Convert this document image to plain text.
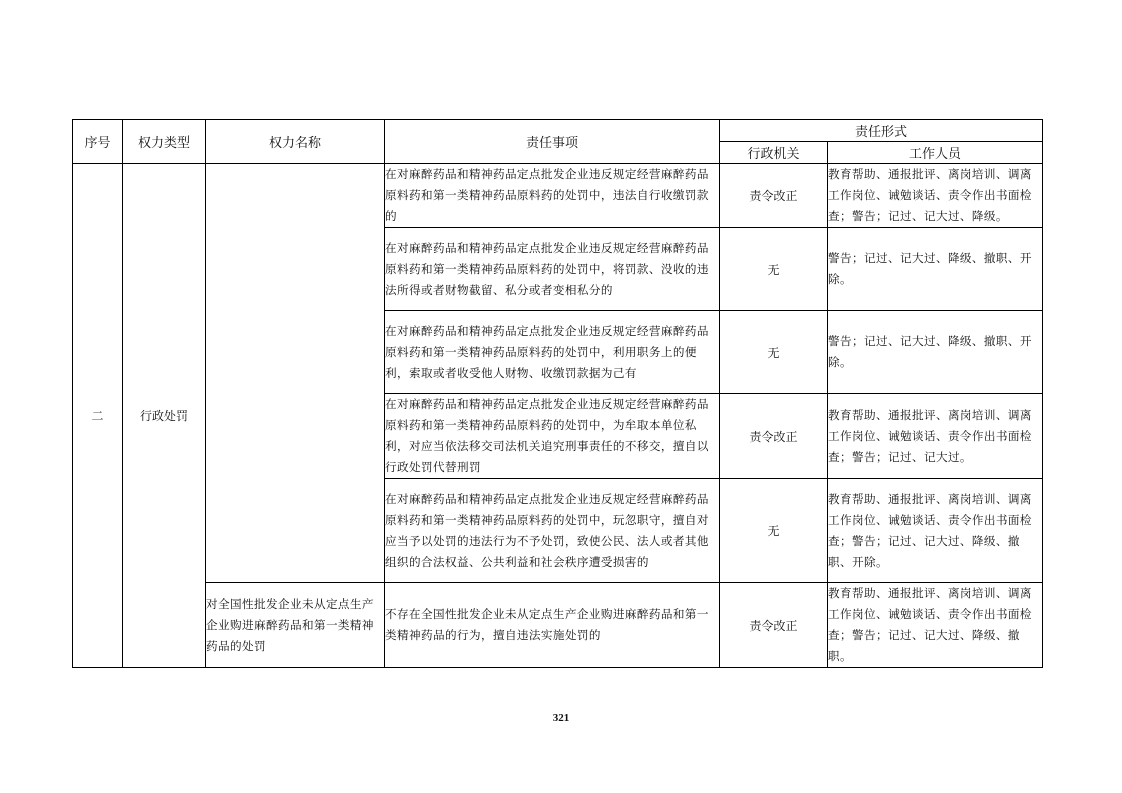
序号	权力类型	权力名称	责任事项	责任形式	
				行政机关	工作人员
二	行政处罚		在对麻醉药品和精神药品定点批发企业违反规定经营麻醉药品原料药和第一类精神药品原料药的处罚中，违法自行收缴罚款的	责令改正	教育帮助、通报批评、离岗培训、调离工作岗位、诫勉谈话、责令作出书面检查；警告；记过、记大过、降级。
			在对麻醉药品和精神药品定点批发企业违反规定经营麻醉药品原料药和第一类精神药品原料药的处罚中，将罚款、没收的违法所得或者财物截留、私分或者变相私分的	无	警告；记过、记大过、降级、撤职、开除。
			在对麻醉药品和精神药品定点批发企业违反规定经营麻醉药品原料药和第一类精神药品原料药的处罚中，利用职务上的便利，索取或者收受他人财物、收缴罚款据为己有	无	警告；记过、记大过、降级、撤职、开除。
			在对麻醉药品和精神药品定点批发企业违反规定经营麻醉药品原料药和第一类精神药品原料药的处罚中，为牟取本单位私利，对应当依法移交司法机关追究刑事责任的不移交，擅自以行政处罚代替刑罚	责令改正	教育帮助、通报批评、离岗培训、调离工作岗位、诫勉谈话、责令作出书面检查；警告；记过、记大过。
			在对麻醉药品和精神药品定点批发企业违反规定经营麻醉药品原料药和第一类精神药品原料药的处罚中，玩忽职守，擅自对应当予以处罚的违法行为不予处罚，致使公民、法人或者其他组织的合法权益、公共利益和社会秩序遭受损害的	无	教育帮助、通报批评、离岗培训、调离工作岗位、诫勉谈话、责令作出书面检查；警告；记过、记大过、降级、撤职、开除。
		对全国性批发企业未从定点生产企业购进麻醉药品和第一类精神药品的处罚	不存在全国性批发企业未从定点生产企业购进麻醉药品和第一类精神药品的行为，擅自违法实施处罚的	责令改正	教育帮助、通报批评、离岗培训、调离工作岗位、诫勉谈话、责令作出书面检查；警告；记过、记大过、降级、撤职。
321
